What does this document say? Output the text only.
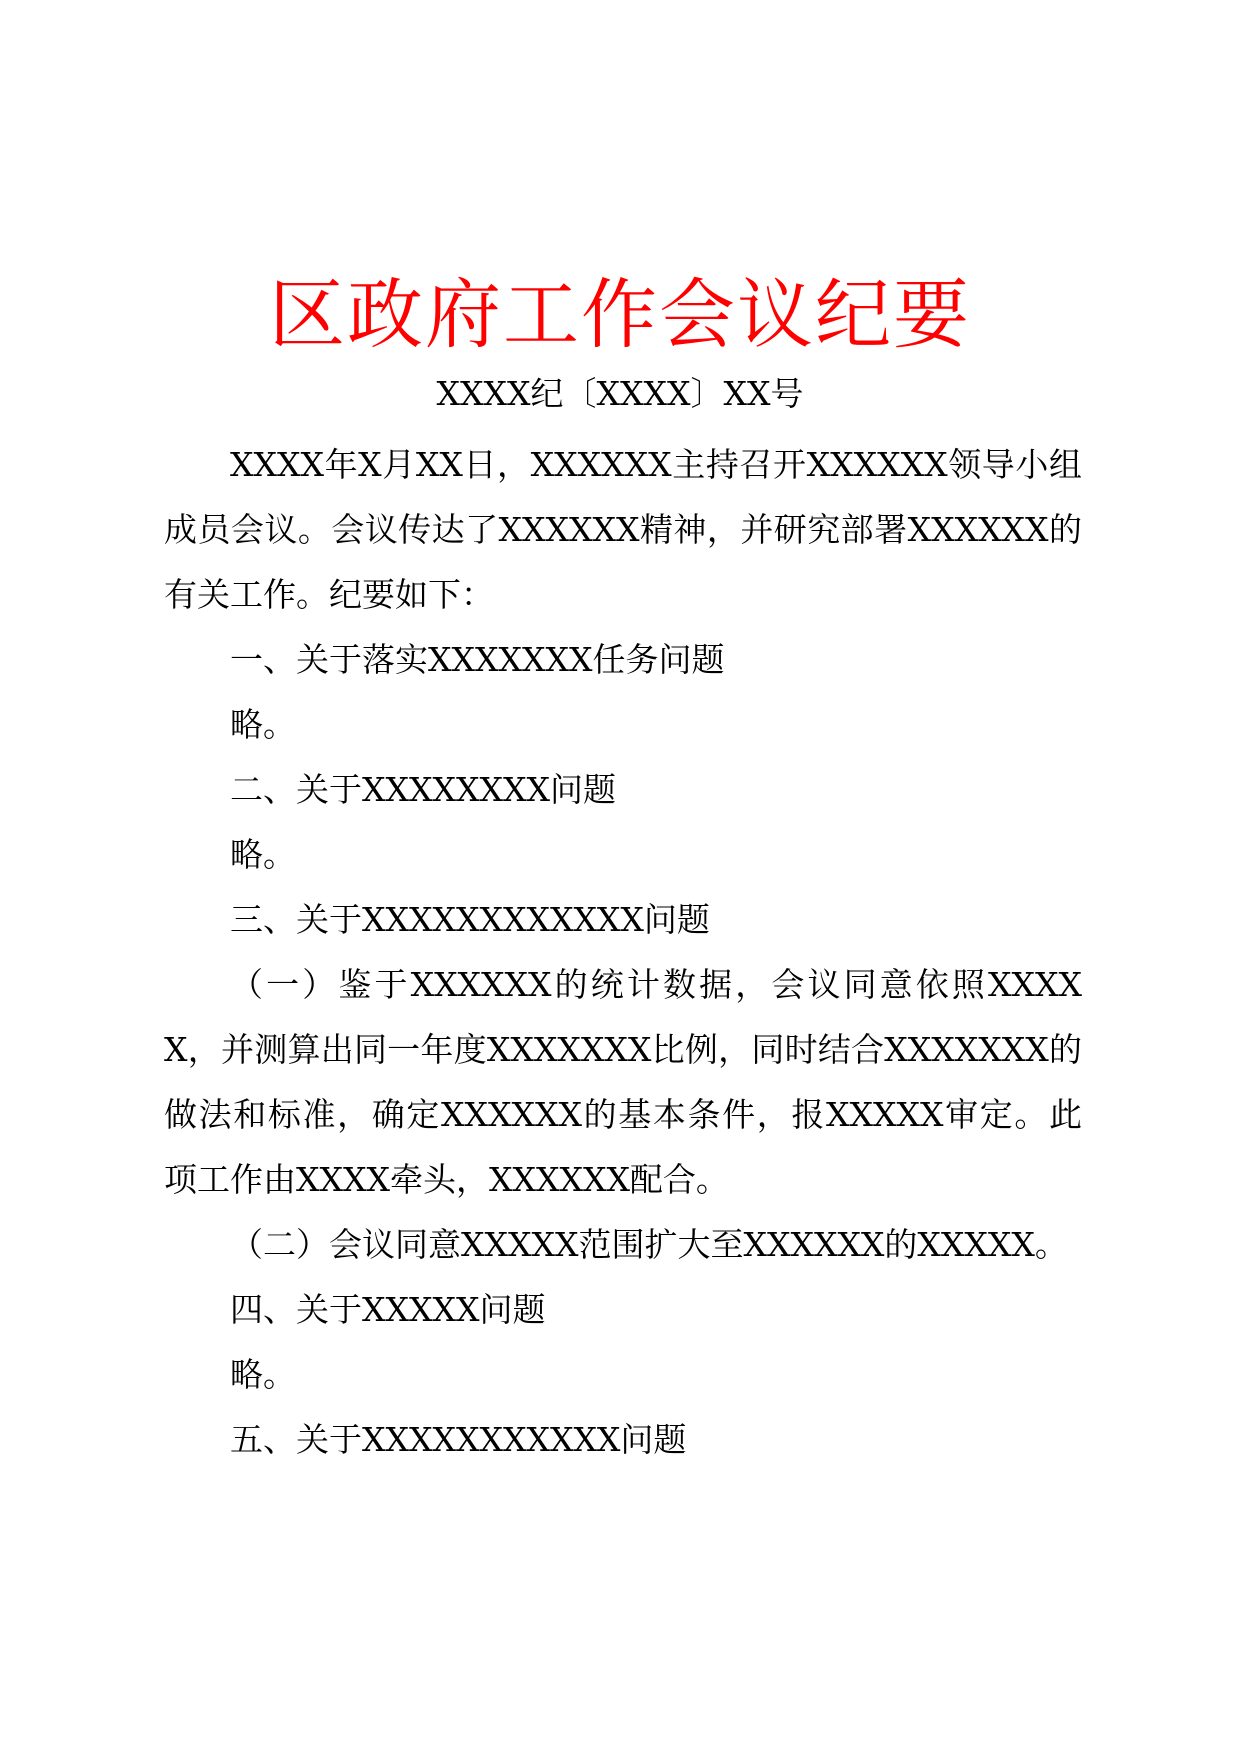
区政府工作会议纪要
XXXX纪〔XXXX〕XX号

XXXX年X月XX日，XXXXXX主持召开XXXXXX领导小组成员会议。会议传达了XXXXXX精神，并研究部署XXXXXX的有关工作。纪要如下：

一、关于落实XXXXXXX任务问题

略。

二、关于XXXXXXXX问题

略。

三、关于XXXXXXXXXXXX问题

（一）鉴于XXXXXX的统计数据，会议同意依照XXXXX，并测算出同一年度XXXXXXX比例，同时结合XXXXXXX的做法和标准，确定XXXXXX的基本条件，报XXXXX审定。此项工作由XXXX牵头，XXXXXX配合。

（二）会议同意XXXXX范围扩大至XXXXXX的XXXXX。

四、关于XXXXX问题

略。

五、关于XXXXXXXXXXX问题
